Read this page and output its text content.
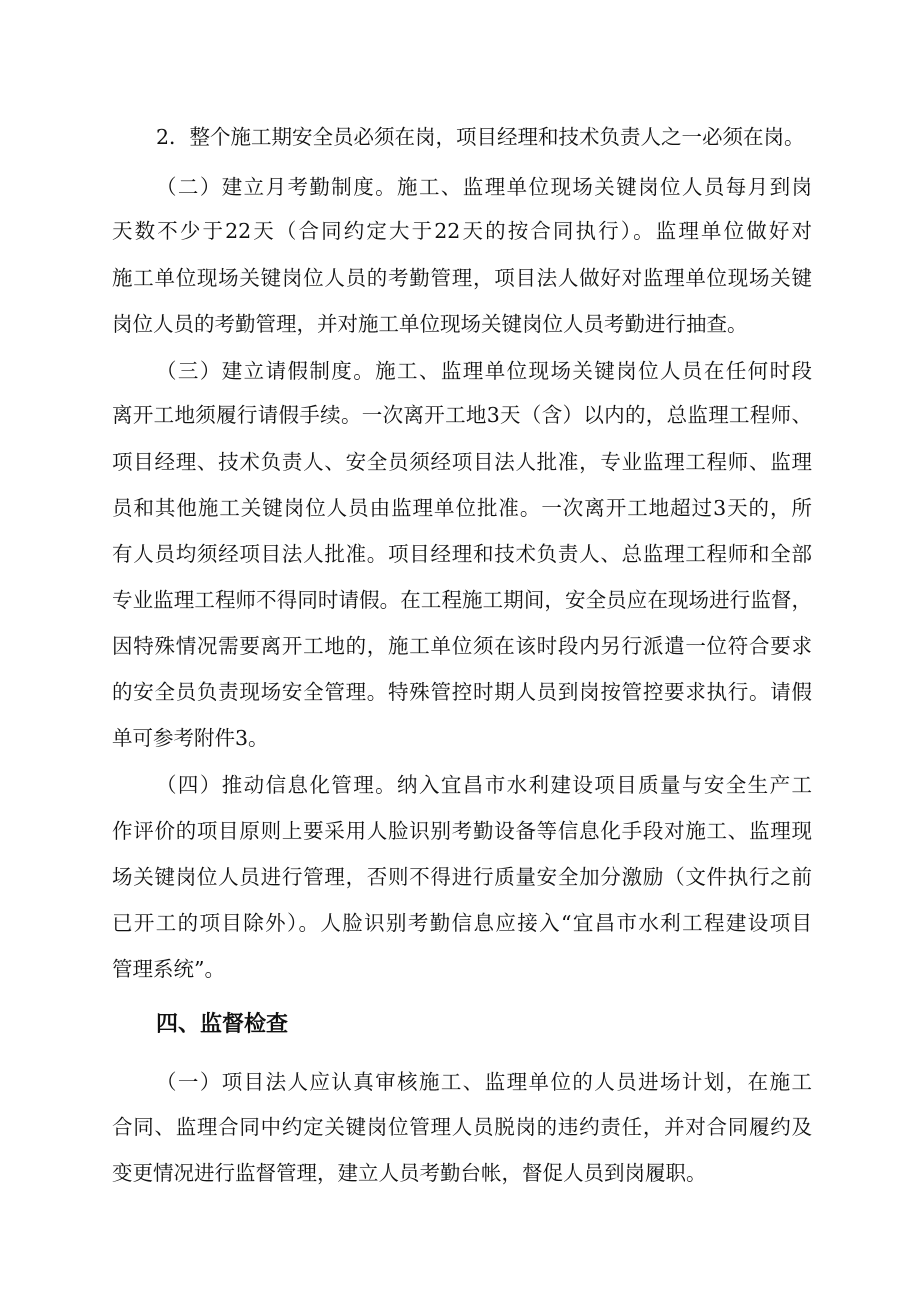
2．整个施工期安全员必须在岗，项目经理和技术负责人之一必须在岗。

（二）建立月考勤制度。施工、监理单位现场关键岗位人员每月到岗

天数不少于22天（合同约定大于22天的按合同执行）。监理单位做好对

施工单位现场关键岗位人员的考勤管理，项目法人做好对监理单位现场关键

岗位人员的考勤管理，并对施工单位现场关键岗位人员考勤进行抽查。

（三）建立请假制度。施工、监理单位现场关键岗位人员在任何时段

离开工地须履行请假手续。一次离开工地3天（含）以内的，总监理工程师、

项目经理、技术负责人、安全员须经项目法人批准，专业监理工程师、监理

员和其他施工关键岗位人员由监理单位批准。一次离开工地超过3天的，所

有人员均须经项目法人批准。项目经理和技术负责人、总监理工程师和全部

专业监理工程师不得同时请假。在工程施工期间，安全员应在现场进行监督，

因特殊情况需要离开工地的，施工单位须在该时段内另行派遣一位符合要求

的安全员负责现场安全管理。特殊管控时期人员到岗按管控要求执行。请假

单可参考附件3。

（四）推动信息化管理。纳入宜昌市水利建设项目质量与安全生产工

作评价的项目原则上要采用人脸识别考勤设备等信息化手段对施工、监理现

场关键岗位人员进行管理，否则不得进行质量安全加分激励（文件执行之前

已开工的项目除外）。人脸识别考勤信息应接入“宜昌市水利工程建设项目

管理系统”。

四、监督检查

（一）项目法人应认真审核施工、监理单位的人员进场计划，在施工

合同、监理合同中约定关键岗位管理人员脱岗的违约责任，并对合同履约及

变更情况进行监督管理，建立人员考勤台帐，督促人员到岗履职。
